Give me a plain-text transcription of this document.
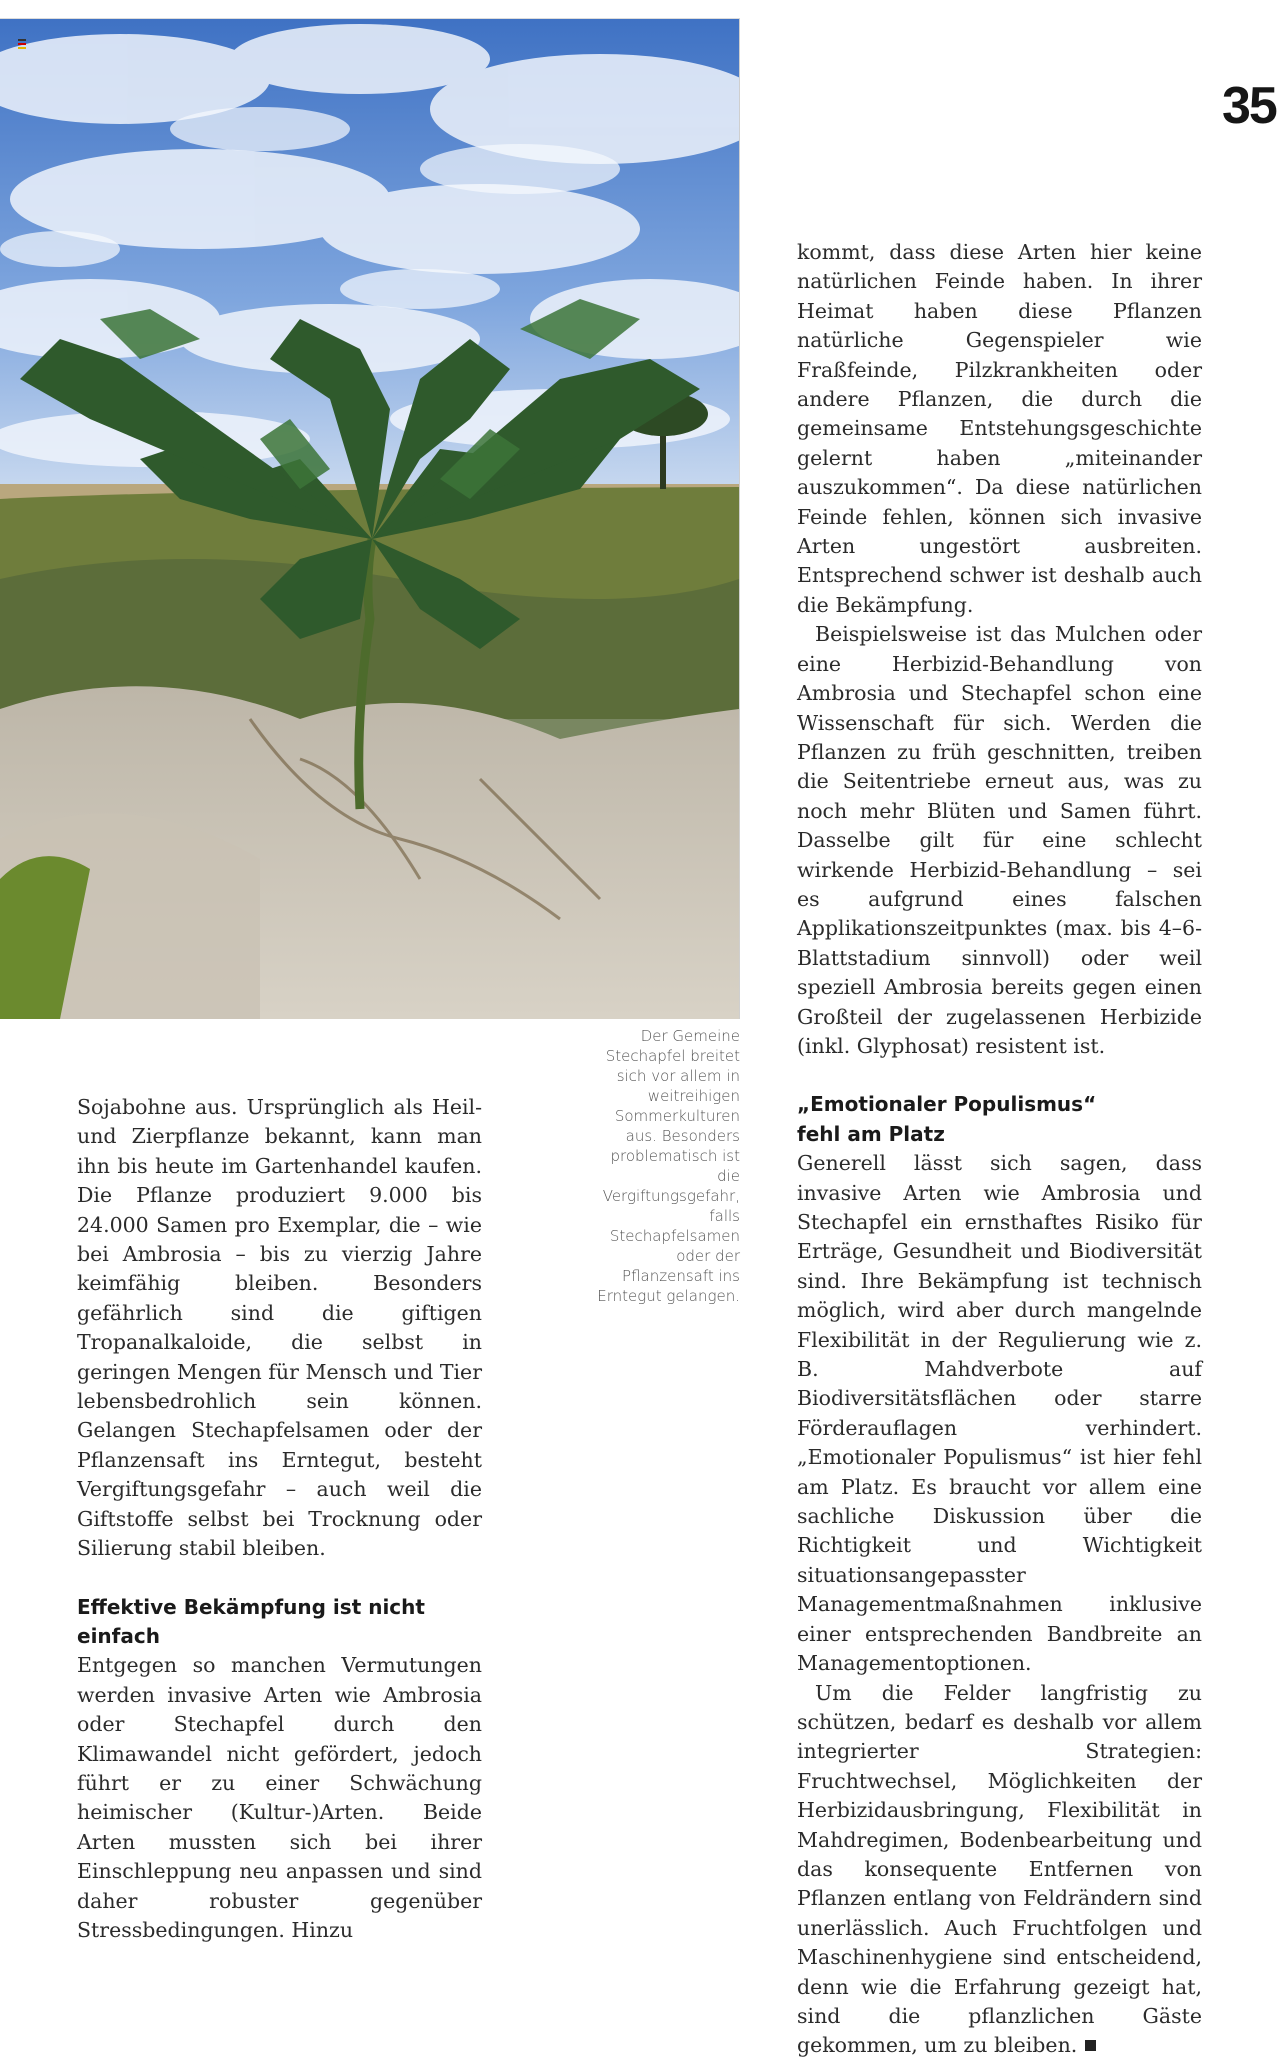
35
Der Gemeine Stechapfel breitet sich vor allem in weitreihigen Sommerkulturen aus. Besonders problematisch ist die Vergiftungsgefahr, falls Stechapfelsamen oder der Pflanzensaft ins Erntegut gelangen.

Sojabohne aus. Ursprünglich als Heil- und Zierpflanze bekannt, kann man ihn bis heute im Gartenhandel kaufen. Die Pflanze produziert 9.000 bis 24.000 Samen pro Exemplar, die – wie bei Ambrosia – bis zu vierzig Jahre keimfähig bleiben. Besonders gefährlich sind die giftigen Tropanalkaloide, die selbst in geringen Mengen für Mensch und Tier lebensbedrohlich sein können. Gelangen Stechapfelsamen oder der Pflanzensaft ins Erntegut, besteht Vergiftungsgefahr – auch weil die Giftstoffe selbst bei Trocknung oder Silierung stabil bleiben.

Effektive Bekämpfung ist nicht einfach

Entgegen so manchen Vermutungen werden invasive Arten wie Ambrosia oder Stechapfel durch den Klimawandel nicht gefördert, jedoch führt er zu einer Schwächung heimischer (Kultur-)Arten. Beide Arten mussten sich bei ihrer Einschleppung neu anpassen und sind daher robuster gegenüber Stressbedingungen. Hinzu

kommt, dass diese Arten hier keine natürlichen Feinde haben. In ihrer Heimat haben diese Pflanzen natürliche Gegenspieler wie Fraßfeinde, Pilzkrankheiten oder andere Pflanzen, die durch die gemeinsame Entstehungsgeschichte gelernt haben „miteinander auszukommen“. Da diese natürlichen Feinde fehlen, können sich invasive Arten ungestört ausbreiten. Entsprechend schwer ist deshalb auch die Bekämpfung.

Beispielsweise ist das Mulchen oder eine Herbizid-Behandlung von Ambrosia und Stechapfel schon eine Wissenschaft für sich. Werden die Pflanzen zu früh geschnitten, treiben die Seitentriebe erneut aus, was zu noch mehr Blüten und Samen führt. Dasselbe gilt für eine schlecht wirkende Herbizid-Behandlung – sei es aufgrund eines falschen Applikationszeitpunktes (max. bis 4–6-Blattstadium sinnvoll) oder weil speziell Ambrosia bereits gegen einen Großteil der zugelassenen Herbizide (inkl. Glyphosat) resistent ist.

„Emotionaler Populismus“
fehl am Platz

Generell lässt sich sagen, dass invasive Arten wie Ambrosia und Stechapfel ein ernsthaftes Risiko für Erträge, Gesundheit und Biodiversität sind. Ihre Bekämpfung ist technisch möglich, wird aber durch mangelnde Flexibilität in der Regulierung wie z. B. Mahdverbote auf Biodiversitätsflächen oder starre Förderauflagen verhindert. „Emotionaler Populismus“ ist hier fehl am Platz. Es braucht vor allem eine sachliche Diskussion über die Richtigkeit und Wichtigkeit situationsangepasster Managementmaßnahmen inklusive einer entsprechenden Bandbreite an Managementoptionen.

Um die Felder langfristig zu schützen, bedarf es deshalb vor allem integrierter Strategien: Fruchtwechsel, Möglichkeiten der Herbizidausbringung, Flexibilität in Mahdregimen, Bodenbearbeitung und das konsequente Entfernen von Pflanzen entlang von Feldrändern sind unerlässlich. Auch Fruchtfolgen und Maschinenhygiene sind entscheidend, denn wie die Erfahrung gezeigt hat, sind die pflanzlichen Gäste gekommen, um zu bleiben.
